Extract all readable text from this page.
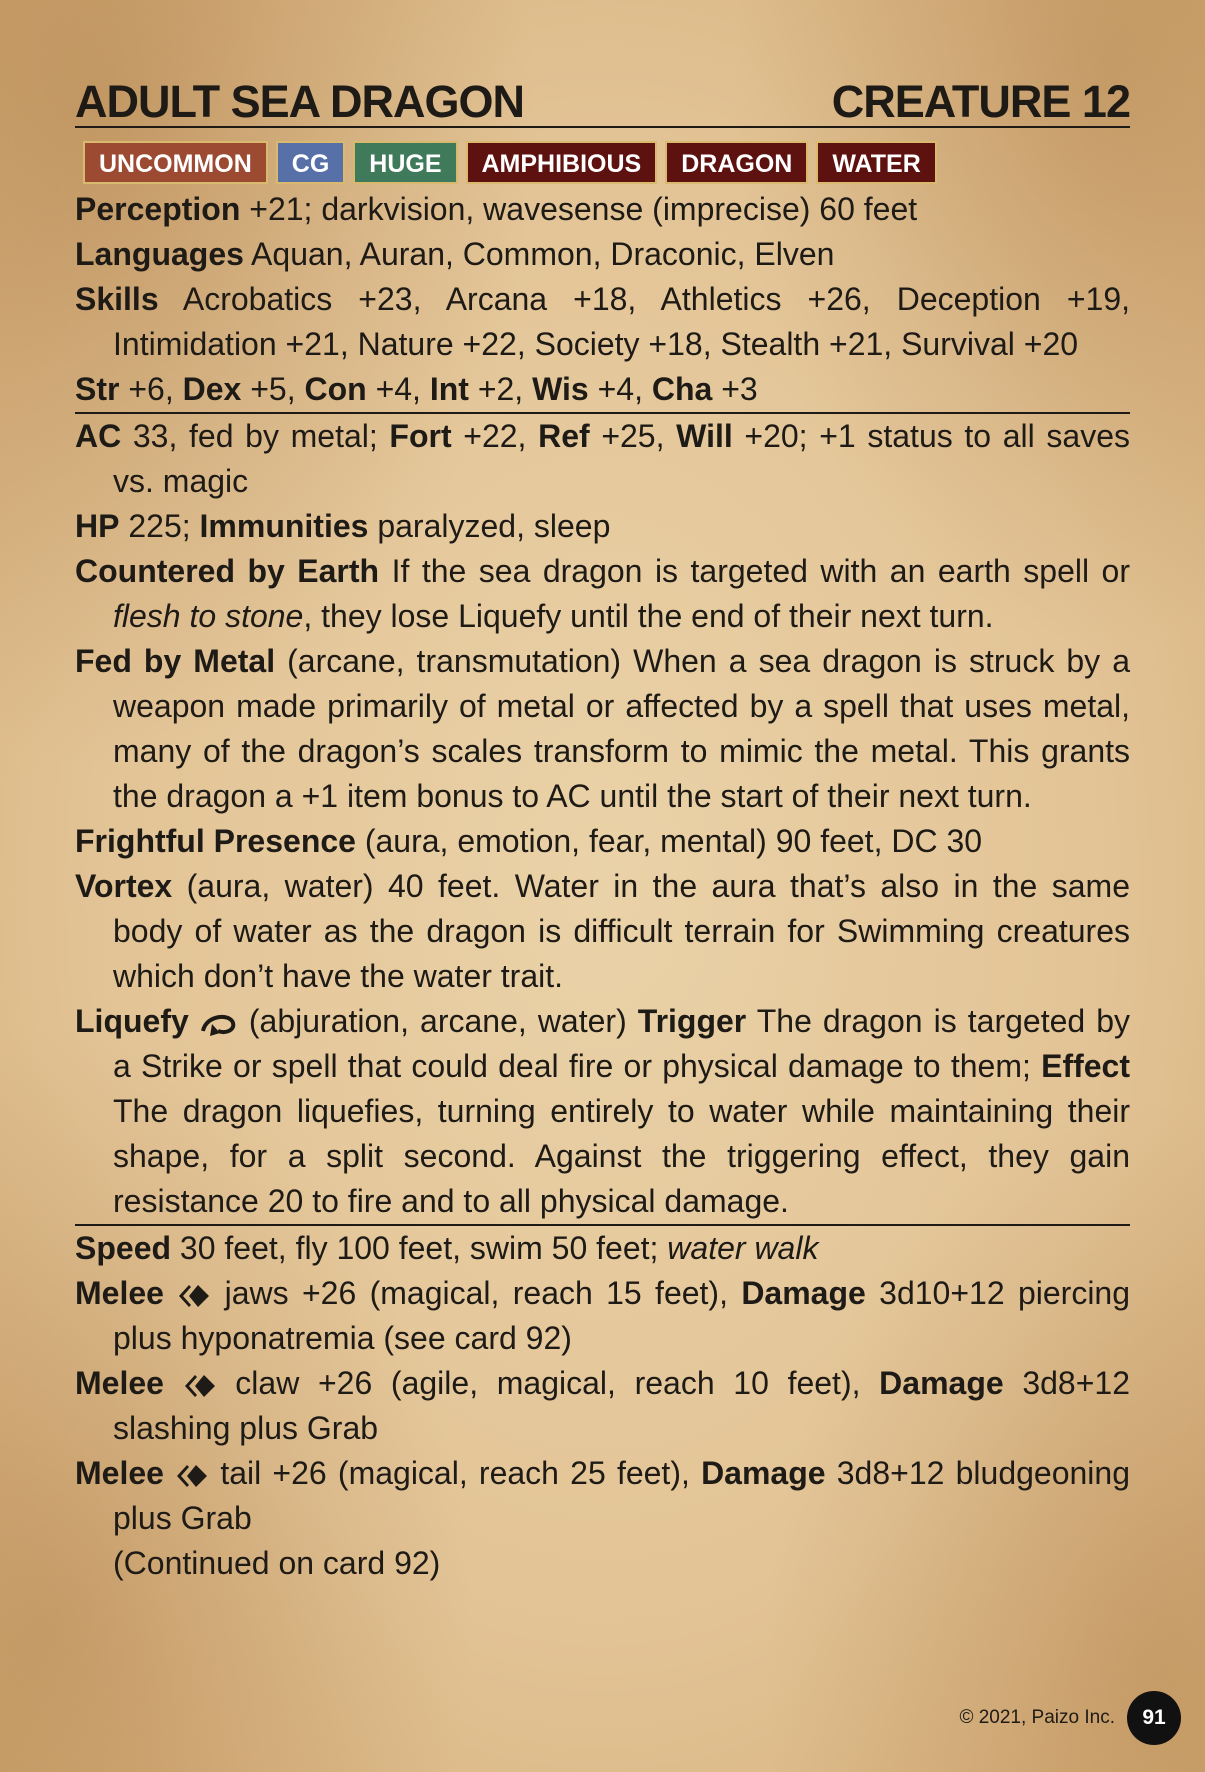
ADULT SEA DRAGON	CREATURE 12
UNCOMMON	CG	HUGE	AMPHIBIOUS	DRAGON	WATER
Perception +21; darkvision, wavesense (imprecise) 60 feet
Languages Aquan, Auran, Common, Draconic, Elven
Skills Acrobatics +23, Arcana +18, Athletics +26, Deception +19, Intimidation +21, Nature +22, Society +18, Stealth +21, Survival +20
Str +6, Dex +5, Con +4, Int +2, Wis +4, Cha +3
AC 33, fed by metal; Fort +22, Ref +25, Will +20; +1 status to all saves vs. magic
HP 225; Immunities paralyzed, sleep
Countered by Earth If the sea dragon is targeted with an earth spell or flesh to stone, they lose Liquefy until the end of their next turn.
Fed by Metal (arcane, transmutation) When a sea dragon is struck by a weapon made primarily of metal or affected by a spell that uses metal, many of the dragon’s scales transform to mimic the metal. This grants the dragon a +1 item bonus to AC until the start of their next turn.
Frightful Presence (aura, emotion, fear, mental) 90 feet, DC 30
Vortex (aura, water) 40 feet. Water in the aura that’s also in the same body of water as the dragon is difficult terrain for Swimming creatures which don’t have the water trait.
Liquefy  (abjuration, arcane, water) Trigger The dragon is targeted by a Strike or spell that could deal fire or physical damage to them; Effect The dragon liquefies, turning entirely to water while maintaining their shape, for a split second. Against the triggering effect, they gain resistance 20 to fire and to all physical damage.
Speed 30 feet, fly 100 feet, swim 50 feet; water walk
Melee  jaws +26 (magical, reach 15 feet), Damage 3d10+12 piercing plus hyponatremia (see card 92)
Melee  claw +26 (agile, magical, reach 10 feet), Damage 3d8+12 slashing plus Grab
Melee  tail +26 (magical, reach 25 feet), Damage 3d8+12 bludgeoning plus Grab
(Continued on card 92)
© 2021, Paizo Inc.	91
